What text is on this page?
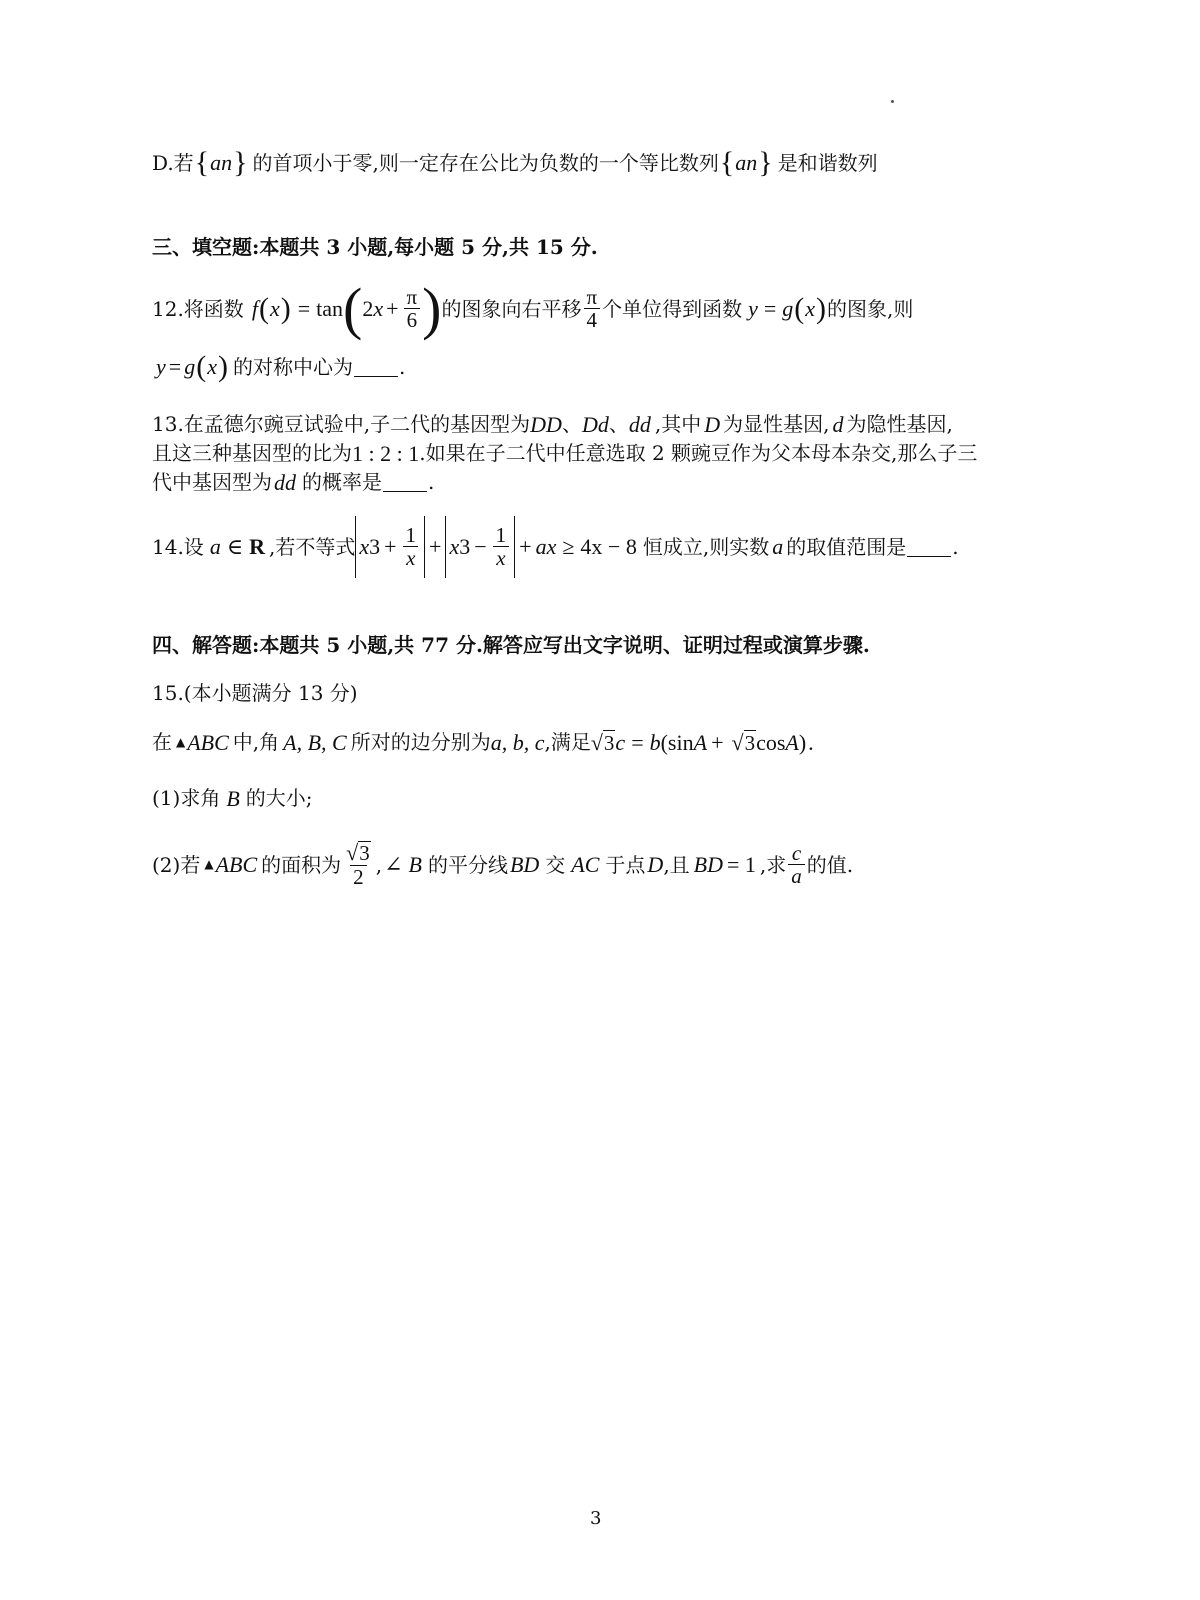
D.若 { a n } 的首项小于零,则一定存在公比为负数的一个等比数列 { a n } 是和谐数列
三、填空题:本题共 3 小题,每小题 5 分,共 15 分.
12.将函数 f ( x ) = tan ( 2 $x + \frac{\pi}{6}$ ) 的图象向右平移 $\frac{\pi}{4}$ 个单位得到函数 y = g ( x ) 的图象,则
y = g ( x ) 的对称中心为 .
13.在孟德尔豌豆试验中,子二代的基因型为 DD 、 Dd 、 dd ,其中 D 为显性基因, d 为隐性基因,
且这三种基因型的比为 1 : 2 : 1 .如果在子二代中任意选取 2 颗豌豆作为父本母本杂交,那么子三
代中基因型为 dd 的概率是 .
14.设 a ∈ R ,若不等式 x $3 + \frac{1}{x} + x$ $3 - \frac{1}{x}$ + ax ≥ 4x − 8 恒成立,则实数 a 的取值范围是 .
四、解答题:本题共 5 小题,共 77 分.解答应写出文字说明、证明过程或演算步骤.
15.(本小题满分 13 分)
在 ▲ ABC 中,角 A, B, C 所对的边分别为 a, b, c ,满足 √ 3 c = b (sin A + √ 3 cos A ) .
(1)求角 B 的大小;
(2)若 ▲ ABC 的面积为 $\frac{√ 3}{2}$ , ∠ B 的平分线 BD 交 AC 于点 D ,且 BD = 1 ,求 $\frac{c}{a}$ 的值.
3
